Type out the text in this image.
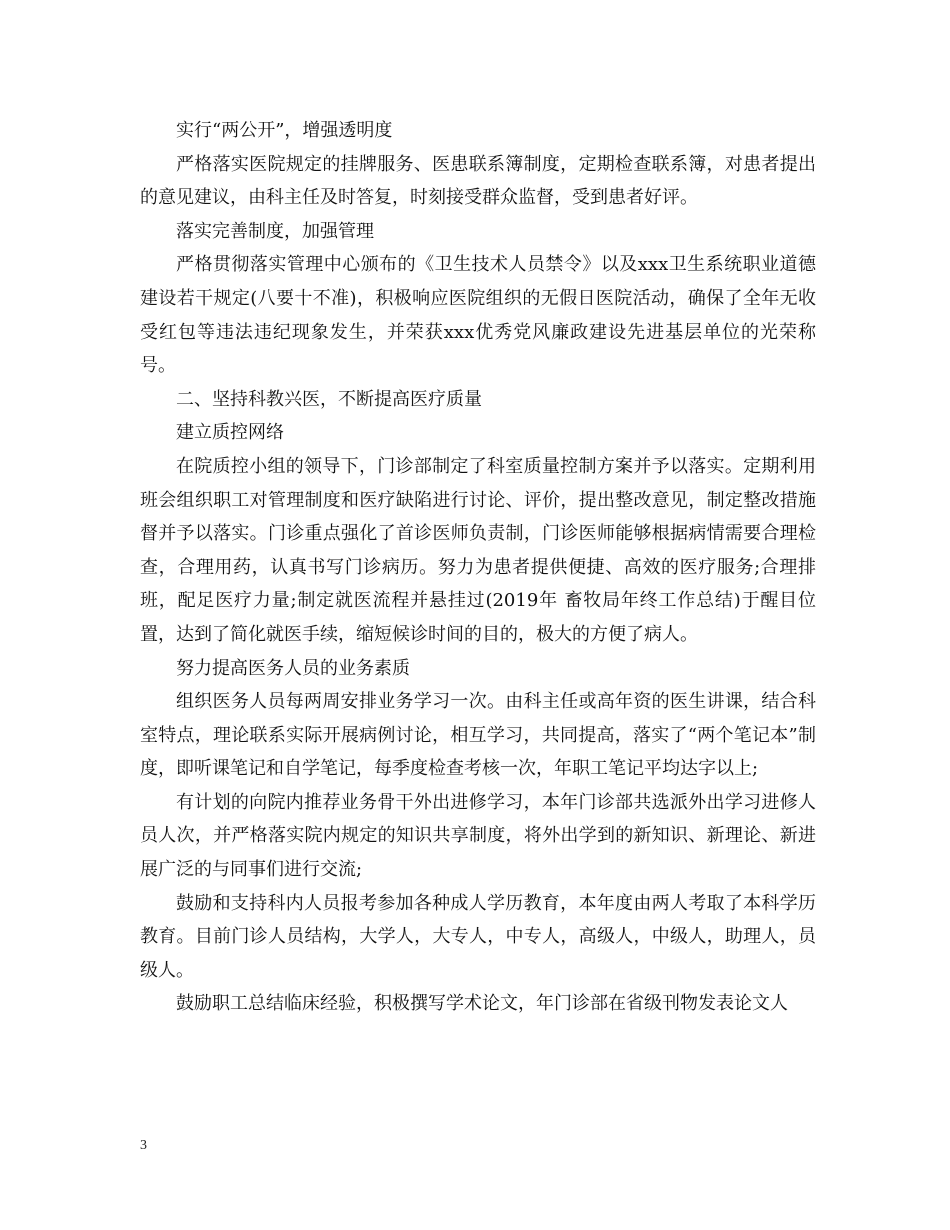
实行“两公开”，增强透明度

严格落实医院规定的挂牌服务、医患联系簿制度，定期检查联系簿，对患者提出的意见建议，由科主任及时答复，时刻接受群众监督，受到患者好评。

落实完善制度，加强管理

严格贯彻落实管理中心颁布的《卫生技术人员禁令》以及xxx卫生系统职业道德建设若干规定(八要十不准)，积极响应医院组织的无假日医院活动，确保了全年无收受红包等违法违纪现象发生，并荣获xxx优秀党风廉政建设先进基层单位的光荣称号。

二、坚持科教兴医，不断提高医疗质量

建立质控网络

在院质控小组的领导下，门诊部制定了科室质量控制方案并予以落实。定期利用班会组织职工对管理制度和医疗缺陷进行讨论、评价，提出整改意见，制定整改措施督并予以落实。门诊重点强化了首诊医师负责制，门诊医师能够根据病情需要合理检查，合理用药，认真书写门诊病历。努力为患者提供便捷、高效的医疗服务;合理排班，配足医疗力量;制定就医流程并悬挂过(2019年 畜牧局年终工作总结)于醒目位置，达到了简化就医手续，缩短候诊时间的目的，极大的方便了病人。

努力提高医务人员的业务素质

组织医务人员每两周安排业务学习一次。由科主任或高年资的医生讲课，结合科室特点，理论联系实际开展病例讨论，相互学习，共同提高，落实了“两个笔记本”制度，即听课笔记和自学笔记，每季度检查考核一次，年职工笔记平均达字以上;

有计划的向院内推荐业务骨干外出进修学习，本年门诊部共选派外出学习进修人员人次，并严格落实院内规定的知识共享制度，将外出学到的新知识、新理论、新进展广泛的与同事们进行交流;

鼓励和支持科内人员报考参加各种成人学历教育，本年度由两人考取了本科学历教育。目前门诊人员结构，大学人，大专人，中专人，高级人，中级人，助理人，员级人。

鼓励职工总结临床经验，积极撰写学术论文，年门诊部在省级刊物发表论文人

3
